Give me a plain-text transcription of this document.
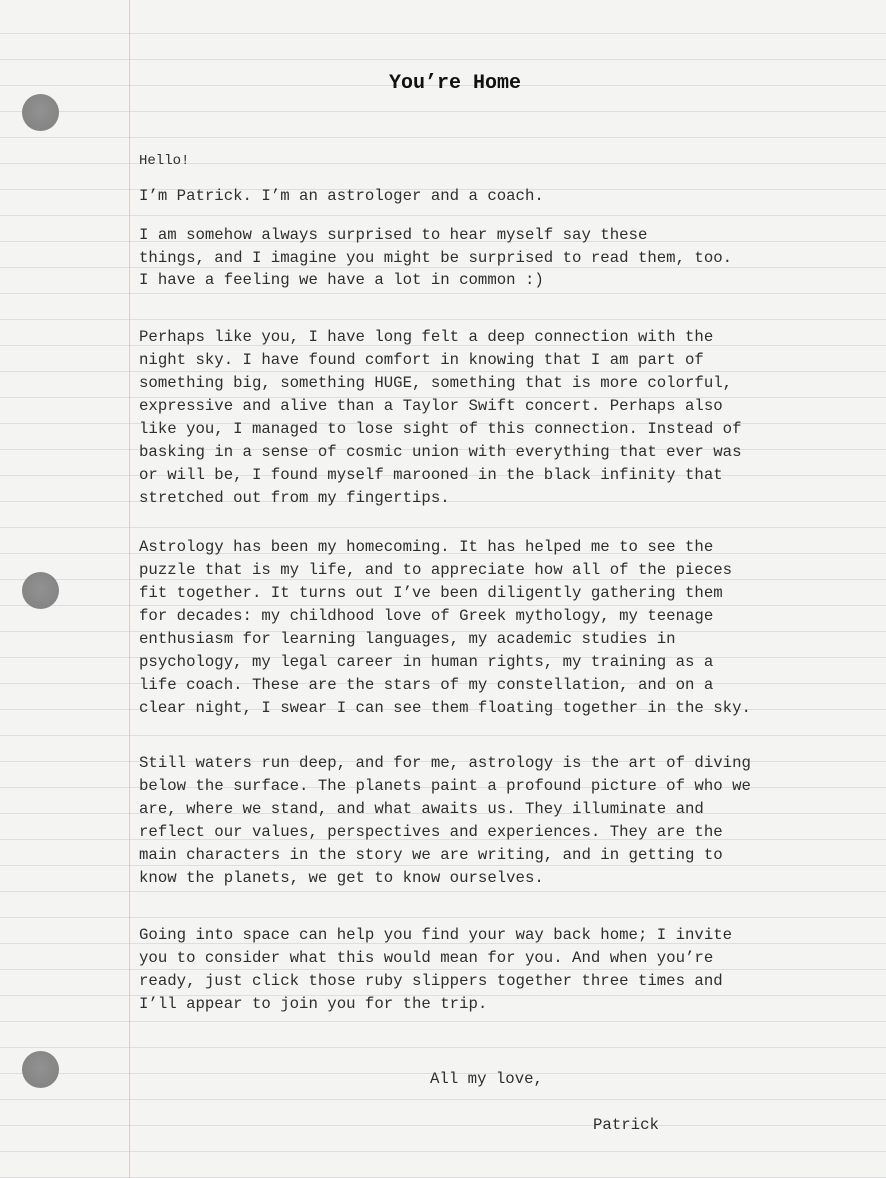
You’re Home

Hello!

I’m Patrick. I’m an astrologer and a coach.

I am somehow always surprised to hear myself say these
things, and I imagine you might be surprised to read them, too.
I have a feeling we have a lot in common :)

Perhaps like you, I have long felt a deep connection with the
night sky. I have found comfort in knowing that I am part of
something big, something HUGE, something that is more colorful,
expressive and alive than a Taylor Swift concert. Perhaps also
like you, I managed to lose sight of this connection. Instead of
basking in a sense of cosmic union with everything that ever was
or will be, I found myself marooned in the black infinity that
stretched out from my fingertips.

Astrology has been my homecoming. It has helped me to see the
puzzle that is my life, and to appreciate how all of the pieces
fit together. It turns out I’ve been diligently gathering them
for decades: my childhood love of Greek mythology, my teenage
enthusiasm for learning languages, my academic studies in
psychology, my legal career in human rights, my training as a
life coach. These are the stars of my constellation, and on a
clear night, I swear I can see them floating together in the sky.

Still waters run deep, and for me, astrology is the art of diving
below the surface. The planets paint a profound picture of who we
are, where we stand, and what awaits us. They illuminate and
reflect our values, perspectives and experiences. They are the
main characters in the story we are writing, and in getting to
know the planets, we get to know ourselves.

Going into space can help you find your way back home; I invite
you to consider what this would mean for you. And when you’re
ready, just click those ruby slippers together three times and
I’ll appear to join you for the trip.

All my love,

Patrick
